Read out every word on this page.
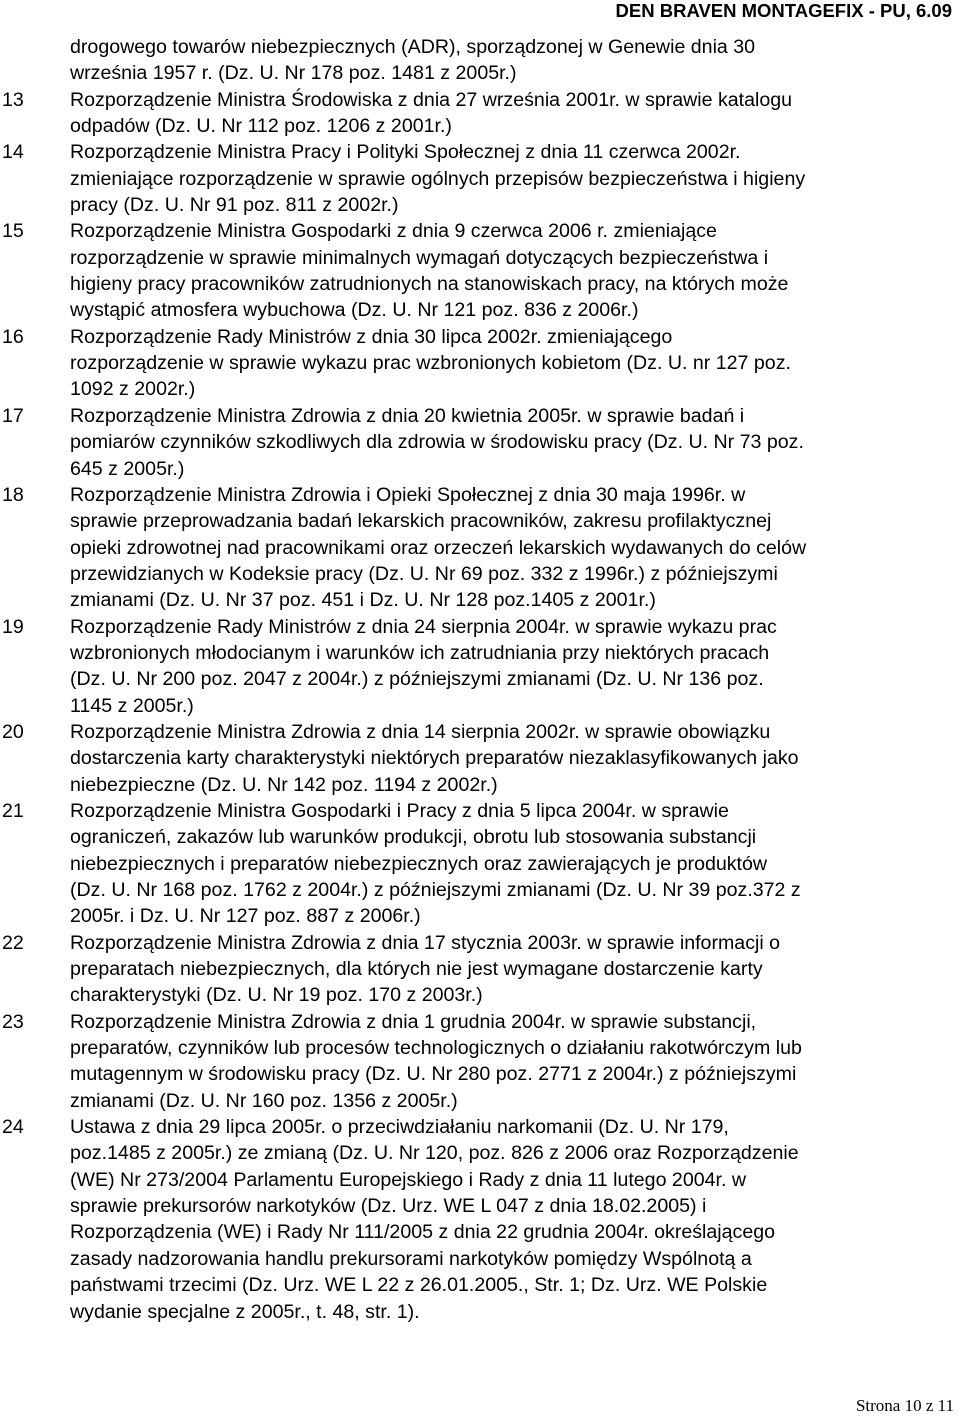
DEN BRAVEN MONTAGEFIX - PU, 6.09
drogowego towarów niebezpiecznych (ADR), sporządzonej w Genewie dnia 30
września 1957 r. (Dz. U. Nr 178 poz. 1481 z 2005r.)
13	Rozporządzenie Ministra Środowiska z dnia 27 września 2001r. w sprawie katalogu
odpadów (Dz. U. Nr 112 poz. 1206 z 2001r.)
14	Rozporządzenie Ministra Pracy i Polityki Społecznej z dnia 11 czerwca 2002r.
zmieniające rozporządzenie w sprawie ogólnych przepisów bezpieczeństwa i higieny
pracy (Dz. U. Nr 91 poz. 811 z 2002r.)
15	Rozporządzenie Ministra Gospodarki z dnia 9 czerwca 2006 r. zmieniające
rozporządzenie w sprawie minimalnych wymagań dotyczących bezpieczeństwa i
higieny pracy pracowników zatrudnionych na stanowiskach pracy, na których może
wystąpić atmosfera wybuchowa (Dz. U. Nr 121 poz. 836 z 2006r.)
16	Rozporządzenie Rady Ministrów z dnia 30 lipca 2002r. zmieniającego
rozporządzenie w sprawie wykazu prac wzbronionych kobietom (Dz. U. nr 127 poz.
1092 z 2002r.)
17	Rozporządzenie Ministra Zdrowia z dnia 20 kwietnia 2005r. w sprawie badań i
pomiarów czynników szkodliwych dla zdrowia w środowisku pracy (Dz. U. Nr 73 poz.
645 z 2005r.)
18	Rozporządzenie Ministra Zdrowia i Opieki Społecznej z dnia 30 maja 1996r. w
sprawie przeprowadzania badań lekarskich pracowników, zakresu profilaktycznej
opieki zdrowotnej nad pracownikami oraz orzeczeń lekarskich wydawanych do celów
przewidzianych w Kodeksie pracy (Dz. U. Nr 69 poz. 332 z 1996r.) z późniejszymi
zmianami (Dz. U. Nr 37 poz. 451 i Dz. U. Nr 128 poz.1405 z 2001r.)
19	Rozporządzenie Rady Ministrów z dnia 24 sierpnia 2004r. w sprawie wykazu prac
wzbronionych młodocianym i warunków ich zatrudniania przy niektórych pracach
(Dz. U. Nr 200 poz. 2047 z 2004r.) z późniejszymi zmianami (Dz. U. Nr 136 poz.
1145 z 2005r.)
20	Rozporządzenie Ministra Zdrowia z dnia 14 sierpnia 2002r. w sprawie obowiązku
dostarczenia karty charakterystyki niektórych preparatów niezaklasyfikowanych jako
niebezpieczne (Dz. U. Nr 142 poz. 1194 z 2002r.)
21	Rozporządzenie Ministra Gospodarki i Pracy z dnia 5 lipca 2004r. w sprawie
ograniczeń, zakazów lub warunków produkcji, obrotu lub stosowania substancji
niebezpiecznych i preparatów niebezpiecznych oraz zawierających je produktów
(Dz. U. Nr 168 poz. 1762 z 2004r.) z późniejszymi zmianami (Dz. U. Nr 39 poz.372 z
2005r. i Dz. U. Nr 127 poz. 887 z 2006r.)
22	Rozporządzenie Ministra Zdrowia z dnia 17 stycznia 2003r. w sprawie informacji o
preparatach niebezpiecznych, dla których nie jest wymagane dostarczenie karty
charakterystyki (Dz. U. Nr 19 poz. 170 z 2003r.)
23	Rozporządzenie Ministra Zdrowia z dnia 1 grudnia 2004r. w sprawie substancji,
preparatów, czynników lub procesów technologicznych o działaniu rakotwórczym lub
mutagennym w środowisku pracy (Dz. U. Nr 280 poz. 2771 z 2004r.) z późniejszymi
zmianami (Dz. U. Nr 160 poz. 1356 z 2005r.)
24	Ustawa z dnia 29 lipca 2005r. o przeciwdziałaniu narkomanii (Dz. U. Nr 179,
poz.1485 z 2005r.) ze zmianą (Dz. U. Nr 120, poz. 826 z 2006 oraz Rozporządzenie
(WE) Nr 273/2004 Parlamentu Europejskiego i Rady z dnia 11 lutego 2004r. w
sprawie prekursorów narkotyków (Dz. Urz. WE L 047 z dnia 18.02.2005) i
Rozporządzenia (WE) i Rady Nr 111/2005 z dnia 22 grudnia 2004r. określającego
zasady nadzorowania handlu prekursorami narkotyków pomiędzy Wspólnotą a
państwami trzecimi (Dz. Urz. WE L 22 z 26.01.2005., Str. 1; Dz. Urz. WE Polskie
wydanie specjalne z 2005r., t. 48, str. 1).
Strona 10 z 11
